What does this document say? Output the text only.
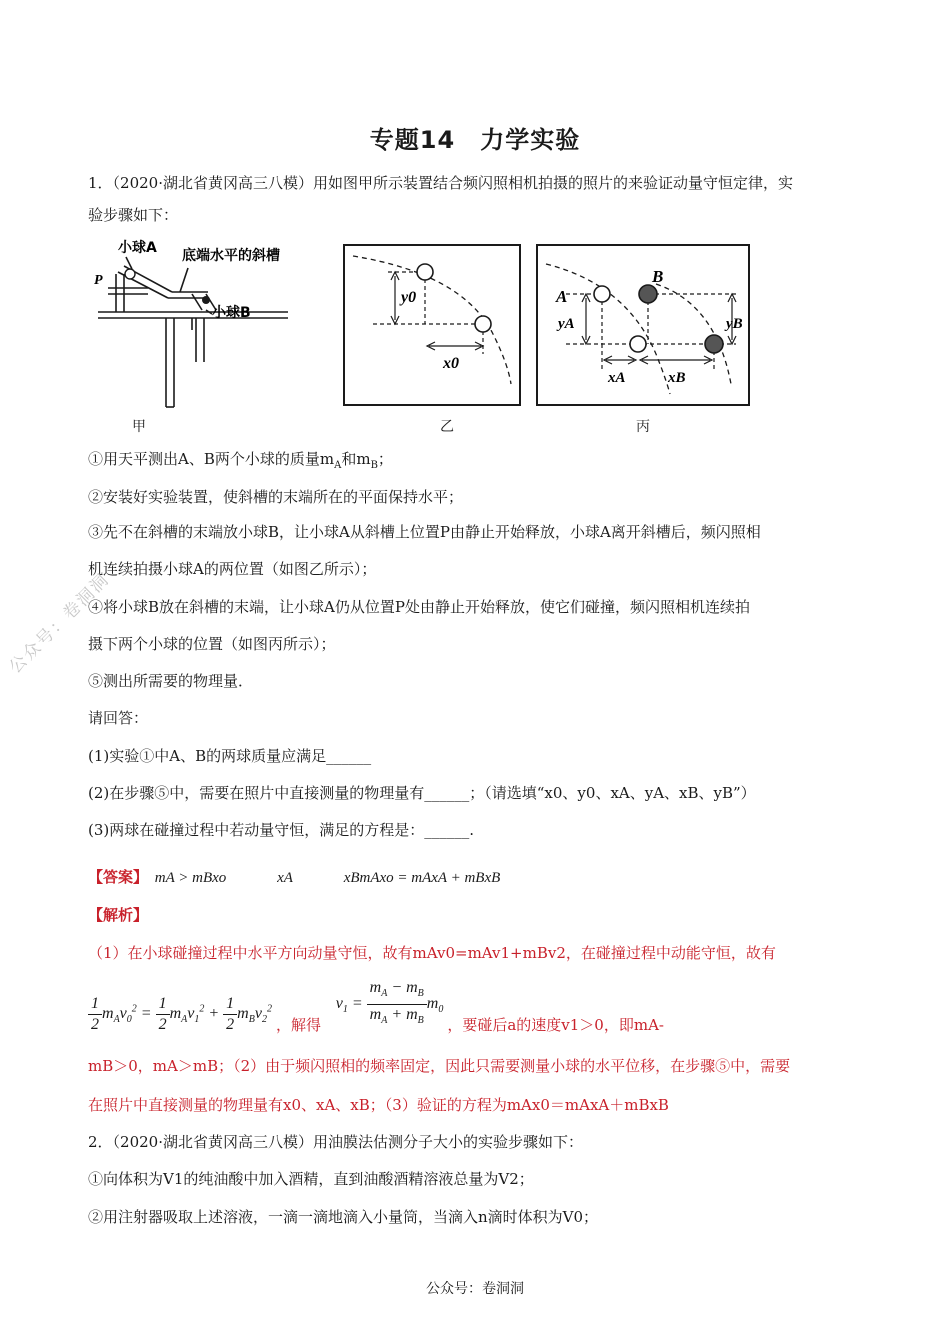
专题14　力学实验
1．（2020·湖北省黄冈高三八模）用如图甲所示装置结合频闪照相机拍摄的照片的来验证动量守恒定律，实
验步骤如下：
小球A 底端水平的斜槽
小球B
P
甲
y0
x0
乙
A
B
yA	yB
xA	xB
丙
①用天平测出A、B两个小球的质量$m_A$和$m_B$；
②安装好实验装置，使斜槽的末端所在的平面保持水平；
③先不在斜槽的末端放小球B，让小球A从斜槽上位置P由静止开始释放，小球A离开斜槽后，频闪照相
机连续拍摄小球A的两位置（如图乙所示）；
④将小球B放在斜槽的末端，让小球A仍从位置P处由静止开始释放，使它们碰撞，频闪照相机连续拍
摄下两个小球的位置（如图丙所示）；
⑤测出所需要的物理量．
请回答：
(1)实验①中A、B的两球质量应满足______
(2)在步骤⑤中，需要在照片中直接测量的物理量有______；（请选填“x0、y0、xA、yA、xB、yB”）
(3)两球在碰撞过程中若动量守恒，满足的方程是：______.
【答案】 mA > mBxo	xA	xBmAxo = mAxA + mBxB
【解析】
（1）在小球碰撞过程中水平方向动量守恒，故有mAv0=mAv1+mBv2，在碰撞过程中动能守恒，故有
$\frac{1}{2} m_Av_0^2 = \frac{1}{2} m_Av_1^2 + \frac{1}{2} m_Bv_2^2$ ，解得 $v_1 = \frac{m_A - m_B}{m_A + m_B} m_0$ ，要碰后a的速度v1＞0，即mA-
mB＞0，mA＞mB；（2）由于频闪照相的频率固定，因此只需要测量小球的水平位移，在步骤⑤中，需要
在照片中直接测量的物理量有x0、xA、xB；（3）验证的方程为mAx0＝mAxA＋mBxB
2．（2020·湖北省黄冈高三八模）用油膜法估测分子大小的实验步骤如下：
①向体积为V1的纯油酸中加入酒精，直到油酸酒精溶液总量为V2；
②用注射器吸取上述溶液，一滴一滴地滴入小量筒，当滴入n滴时体积为V0；
公众号：卷洞洞
公众号：卷洞洞
